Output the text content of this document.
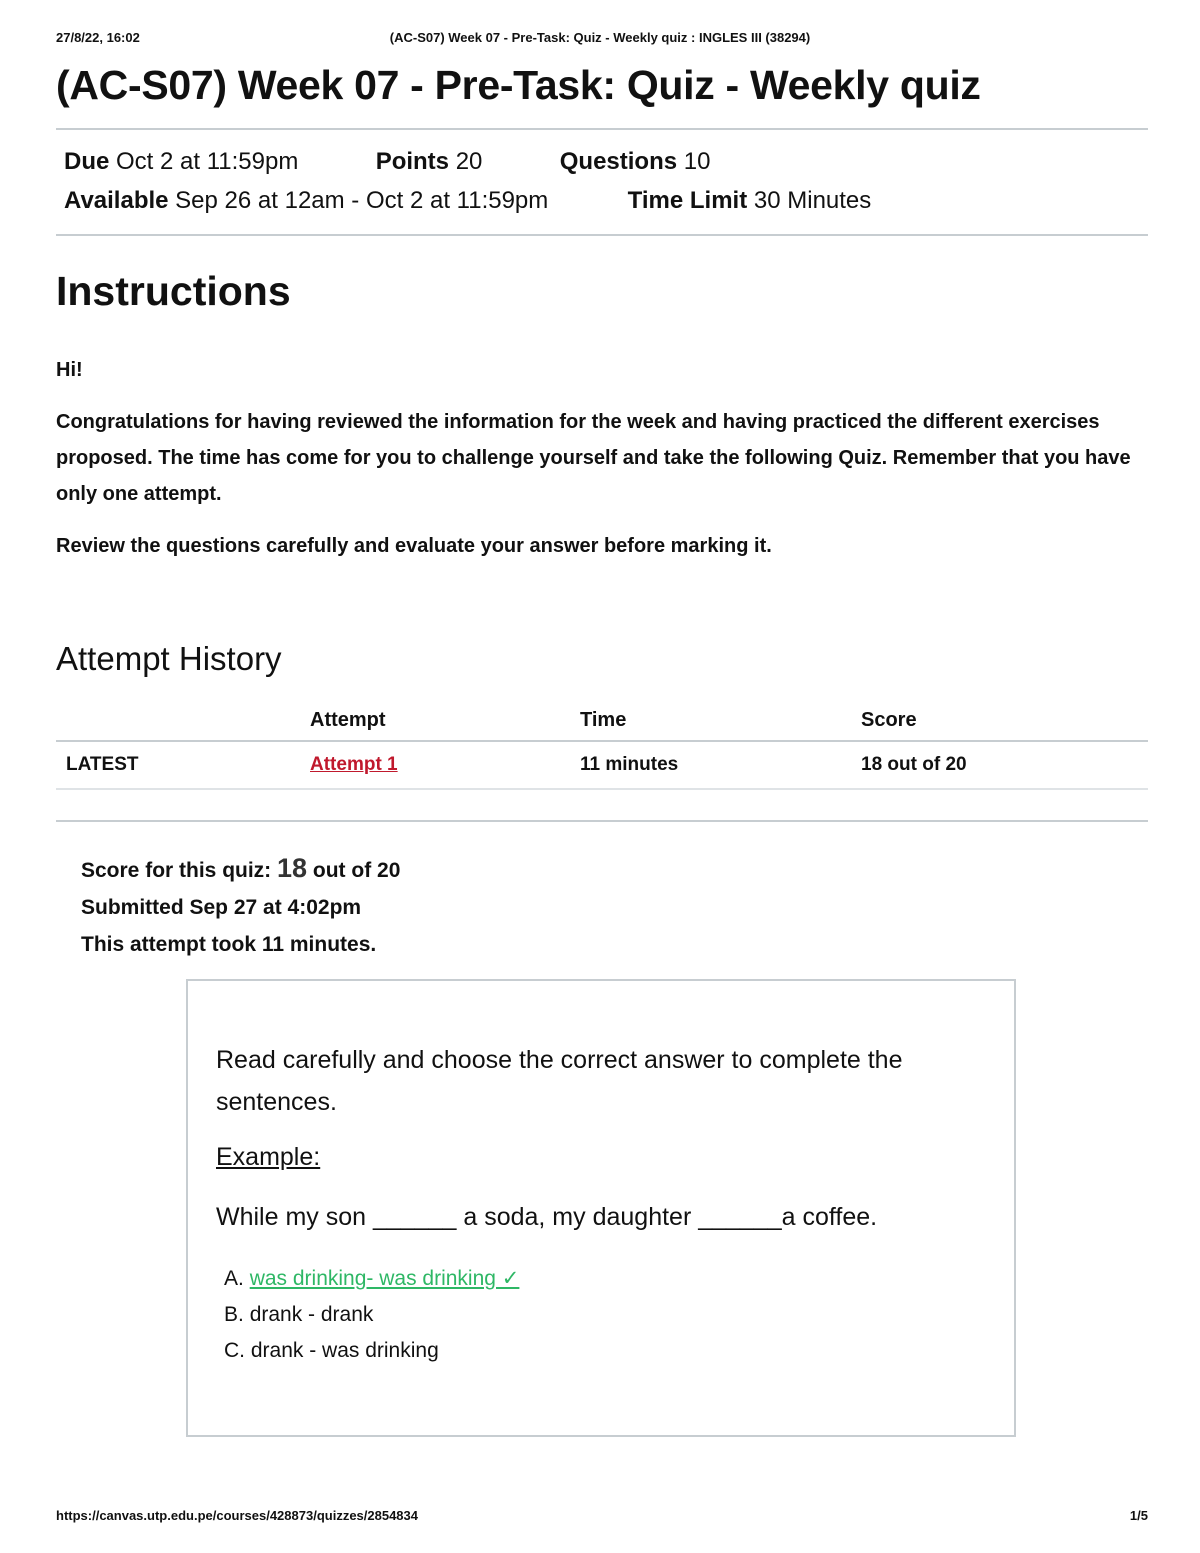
27/8/22, 16:02	(AC-S07) Week 07 - Pre-Task: Quiz - Weekly quiz : INGLES III (38294)
(AC-S07) Week 07 - Pre-Task: Quiz - Weekly quiz
Due Oct 2 at 11:59pm	Points 20	Questions 10
Available Sep 26 at 12am - Oct 2 at 11:59pm	Time Limit 30 Minutes
Instructions

Hi!

Congratulations for having reviewed the information for the week and having practiced the different exercises proposed. The time has come for you to challenge yourself and take the following Quiz. Remember that you have only one attempt.

Review the questions carefully and evaluate your answer before marking it.

Attempt History
	Attempt	Time	Score
LATEST	Attempt 1	11 minutes	18 out of 20
Score for this quiz: 18 out of 20
Submitted Sep 27 at 4:02pm
This attempt took 11 minutes.

Read carefully and choose the correct answer to complete the sentences.

Example:
While my son ______ a soda, my daughter ______a coffee.
A. was drinking- was drinking ✓
B. drank - drank
C. drank - was drinking
https://canvas.utp.edu.pe/courses/428873/quizzes/2854834	1/5
